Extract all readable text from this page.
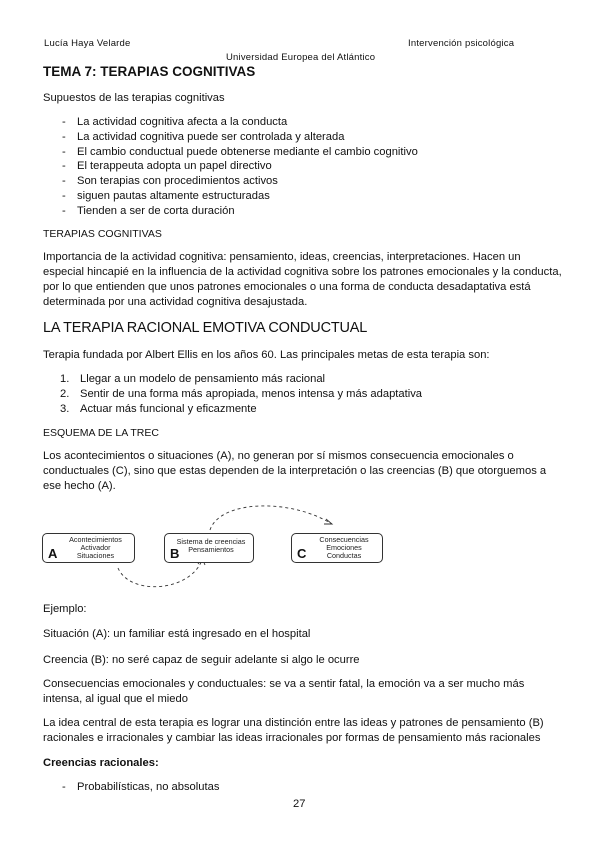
Lucía Haya Velarde	Intervención psicológica
Universidad Europea del Atlántico
TEMA 7: TERAPIAS COGNITIVAS
Supuestos de las terapias cognitivas
- La actividad cognitiva afecta a la conducta
- La actividad cognitiva puede ser controlada y alterada
- El cambio conductual puede obtenerse mediante el cambio cognitivo
- El terappeuta adopta un papel directivo
- Son terapias con procedimientos activos
- siguen pautas altamente estructuradas
- Tienden a ser de corta duración
TERAPIAS COGNITIVAS
Importancia de la actividad cognitiva: pensamiento, ideas, creencias, interpretaciones. Hacen un
especial hincapié en la influencia de la actividad cognitiva sobre los patrones emocionales y la conducta,
por lo que entienden que unos patrones emocionales o una forma de conducta desadaptativa está
determinada por una actividad cognitiva desajustada.
LA TERAPIA RACIONAL EMOTIVA CONDUCTUAL
Terapia fundada por Albert Ellis en los años 60. Las principales metas de esta terapia son:
1. Llegar a un modelo de pensamiento más racional
2. Sentir de una forma más apropiada, menos intensa y más adaptativa
3. Actuar más funcional y eficazmente
ESQUEMA DE LA TREC
Los acontecimientos o situaciones (A), no generan por sí mismos consecuencia emocionales o
conductuales (C), sino que estas dependen de la interpretación o las creencias (B) que otorguemos a
ese hecho (A).
A
Acontecimientos
Activador
Situaciones	B
Sistema de creencias
Pensamientos	C
Consecuencias
Emociones
Conductas
Ejemplo:
Situación (A): un familiar está ingresado en el hospital
Creencia (B): no seré capaz de seguir adelante si algo le ocurre
Consecuencias emocionales y conductuales: se va a sentir fatal, la emoción va a ser mucho más
intensa, al igual que el miedo
La idea central de esta terapia es lograr una distinción entre las ideas y patrones de pensamiento (B)
racionales e irracionales y cambiar las ideas irracionales por formas de pensamiento más racionales
Creencias racionales:
- Probabilísticas, no absolutas
27
